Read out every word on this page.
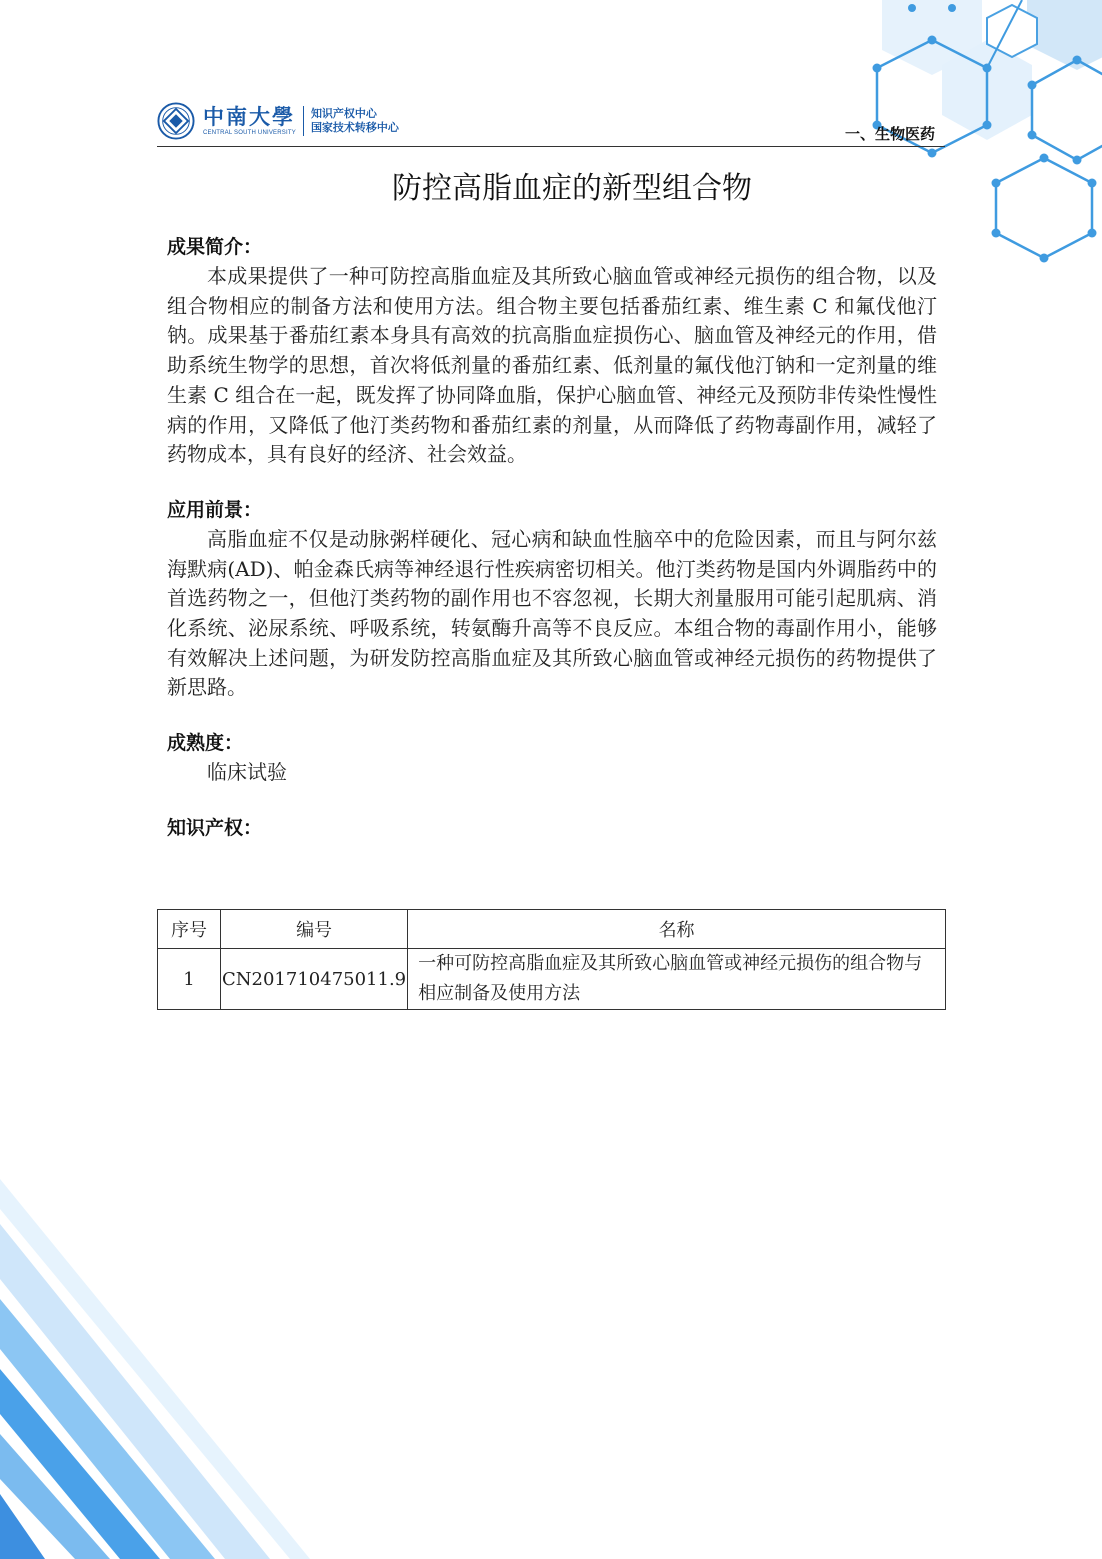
中南大學
CENTRAL SOUTH UNIVERSITY
知识产权中心
国家技术转移中心	一、生物医药
防控高脂血症的新型组合物
成果简介：

本成果提供了一种可防控高脂血症及其所致心脑血管或神经元损伤的组合物，以及组合物相应的制备方法和使用方法。组合物主要包括番茄红素、维生素 C 和氟伐他汀钠。成果基于番茄红素本身具有高效的抗高脂血症损伤心、脑血管及神经元的作用，借助系统生物学的思想，首次将低剂量的番茄红素、低剂量的氟伐他汀钠和一定剂量的维生素 C 组合在一起，既发挥了协同降血脂，保护心脑血管、神经元及预防非传染性慢性病的作用，又降低了他汀类药物和番茄红素的剂量，从而降低了药物毒副作用，减轻了药物成本，具有良好的经济、社会效益。

应用前景：

高脂血症不仅是动脉粥样硬化、冠心病和缺血性脑卒中的危险因素，而且与阿尔兹海默病(AD)、帕金森氏病等神经退行性疾病密切相关。他汀类药物是国内外调脂药中的首选药物之一，但他汀类药物的副作用也不容忽视，长期大剂量服用可能引起肌病、消化系统、泌尿系统、呼吸系统，转氨酶升高等不良反应。本组合物的毒副作用小，能够有效解决上述问题，为研发防控高脂血症及其所致心脑血管或神经元损伤的药物提供了新思路。

成熟度：

临床试验

知识产权：
序号	编号	名称
1	CN201710475011.9	一种可防控高脂血症及其所致心脑血管或神经元损伤的组合物与相应制备及使用方法
